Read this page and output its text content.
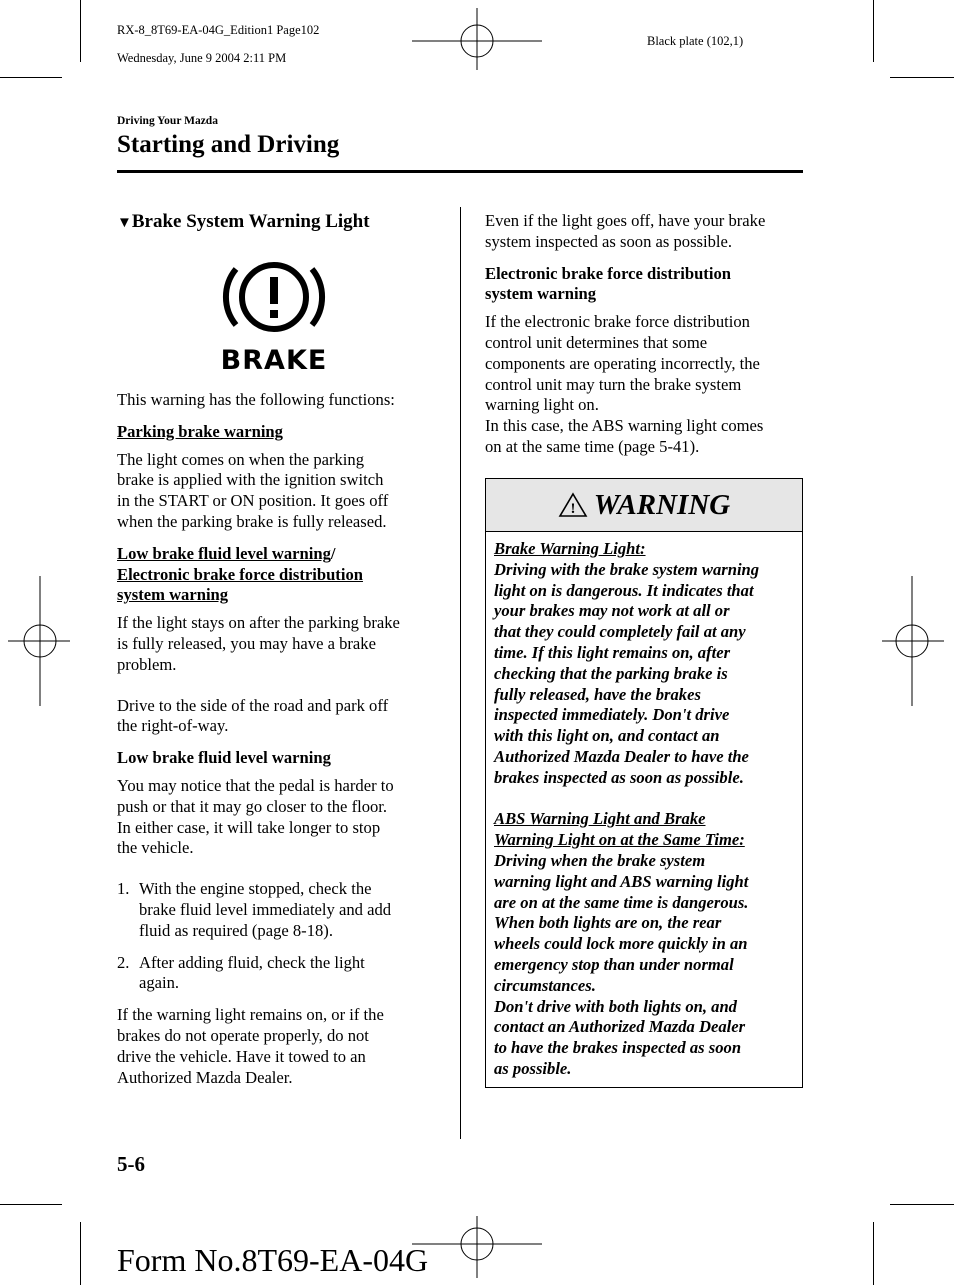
RX-8_8T69-EA-04G_Edition1 Page102

Wednesday, June 9 2004 2:11 PM

Black plate (102,1)
Driving Your Mazda
Starting and Driving
▼Brake System Warning Light
BRAKE

This warning has the following functions:

Parking brake warning

The light comes on when the parking
brake is applied with the ignition switch
in the START or ON position. It goes off
when the parking brake is fully released.
Low brake fluid level warning/
Electronic brake force distribution
system warning
If the light stays on after the parking brake
is fully released, you may have a brake
problem.
Drive to the side of the road and park off
the right-of-way.

Low brake fluid level warning

You may notice that the pedal is harder to
push or that it may go closer to the floor.
In either case, it will take longer to stop
the vehicle.
1. With the engine stopped, check the
brake fluid level immediately and add
fluid as required (page 8-18).
2. After adding fluid, check the light
again.
If the warning light remains on, or if the
brakes do not operate properly, do not
drive the vehicle. Have it towed to an
Authorized Mazda Dealer.
Even if the light goes off, have your brake
system inspected as soon as possible.
Electronic brake force distribution
system warning
If the electronic brake force distribution
control unit determines that some
components are operating incorrectly, the
control unit may turn the brake system
warning light on.
In this case, the ABS warning light comes
on at the same time (page 5-41).
! WARNING

Brake Warning Light:

Driving with the brake system warning
light on is dangerous. It indicates that
your brakes may not work at all or
that they could completely fail at any
time. If this light remains on, after
checking that the parking brake is
fully released, have the brakes
inspected immediately. Don't drive
with this light on, and contact an
Authorized Mazda Dealer to have the
brakes inspected as soon as possible.
ABS Warning Light and Brake
Warning Light on at the Same Time:
Driving when the brake system
warning light and ABS warning light
are on at the same time is dangerous.
When both lights are on, the rear
wheels could lock more quickly in an
emergency stop than under normal
circumstances.
Don't drive with both lights on, and
contact an Authorized Mazda Dealer
to have the brakes inspected as soon
as possible.
5-6
Form No.8T69-EA-04G
